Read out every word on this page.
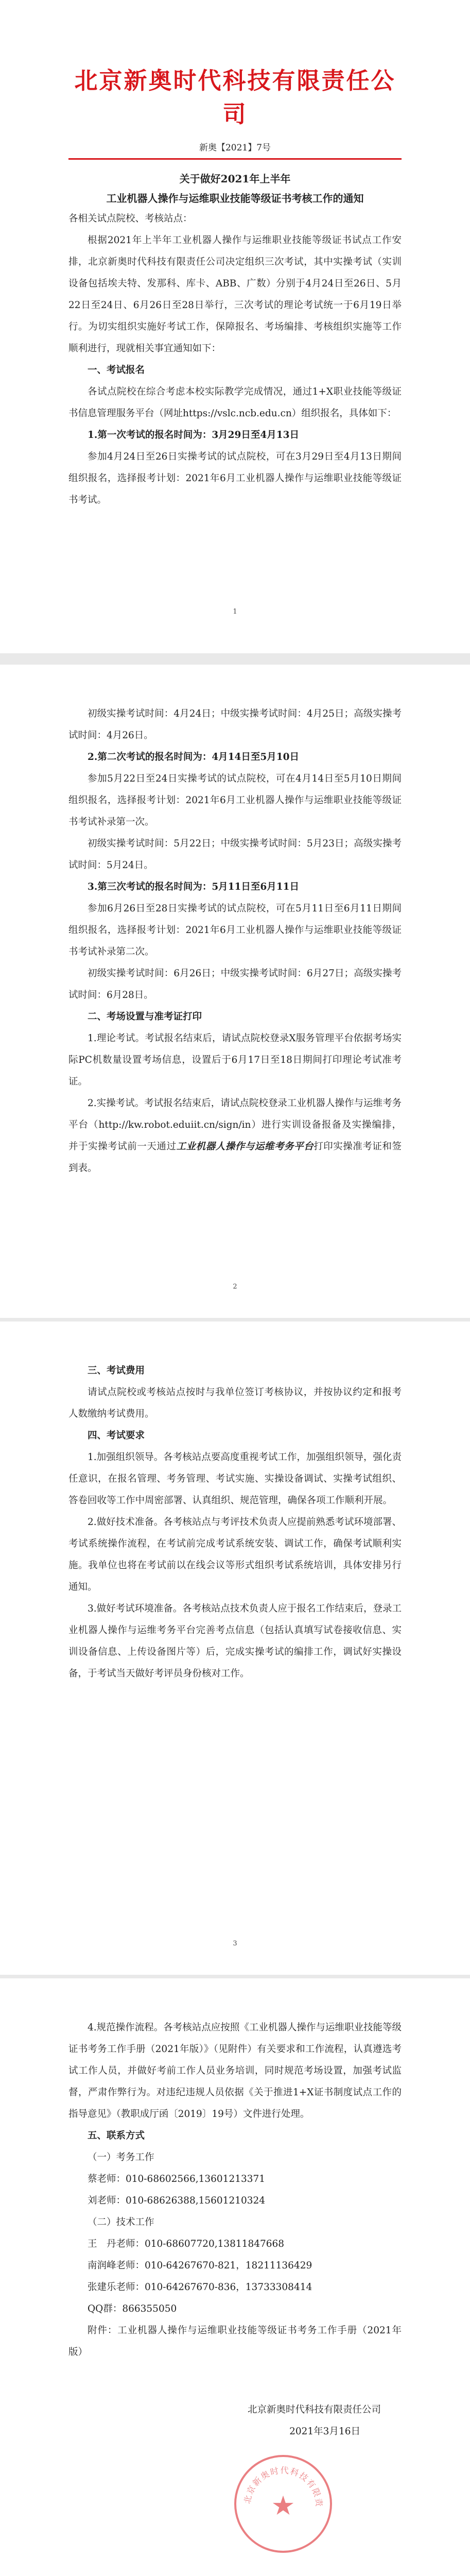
北京新奥时代科技有限责任公司
新奥【2021】7号
关于做好2021年上半年
工业机器人操作与运维职业技能等级证书考核工作的通知

各相关试点院校、考核站点：

根据2021年上半年工业机器人操作与运维职业技能等级证书试点工作安排，北京新奥时代科技有限责任公司决定组织三次考试，其中实操考试（实训设备包括埃夫特、发那科、库卡、ABB、广数）分别于4月24日至26日、5月22日至24日、6月26日至28日举行，三次考试的理论考试统一于6月19日举行。为切实组织实施好考试工作，保障报名、考场编排、考核组织实施等工作顺利进行，现就相关事宜通知如下：

一、考试报名

各试点院校在综合考虑本校实际教学完成情况，通过1+X职业技能等级证书信息管理服务平台（网址https://vslc.ncb.edu.cn）组织报名，具体如下：

1.第一次考试的报名时间为：3月29日至4月13日

参加4月24日至26日实操考试的试点院校，可在3月29日至4月13日期间组织报名，选择报考计划：2021年6月工业机器人操作与运维职业技能等级证书考试。

1

初级实操考试时间：4月24日；中级实操考试时间：4月25日；高级实操考试时间：4月26日。

2.第二次考试的报名时间为：4月14日至5月10日

参加5月22日至24日实操考试的试点院校，可在4月14日至5月10日期间组织报名，选择报考计划：2021年6月工业机器人操作与运维职业技能等级证书考试补录第一次。

初级实操考试时间：5月22日；中级实操考试时间：5月23日；高级实操考试时间：5月24日。

3.第三次考试的报名时间为：5月11日至6月11日

参加6月26日至28日实操考试的试点院校，可在5月11日至6月11日期间组织报名，选择报考计划：2021年6月工业机器人操作与运维职业技能等级证书考试补录第二次。

初级实操考试时间：6月26日；中级实操考试时间：6月27日；高级实操考试时间：6月28日。

二、考场设置与准考证打印

1.理论考试。考试报名结束后，请试点院校登录X服务管理平台依据考场实际PC机数量设置考场信息，设置后于6月17日至18日期间打印理论考试准考证。

2.实操考试。考试报名结束后，请试点院校登录工业机器人操作与运维考务平台（http://kw.robot.eduiit.cn/sign/in）进行实训设备报备及实操编排，并于实操考试前一天通过工业机器人操作与运维考务平台打印实操准考证和签到表。

2

三、考试费用

请试点院校或考核站点按时与我单位签订考核协议，并按协议约定和报考人数缴纳考试费用。

四、考试要求

1.加强组织领导。各考核站点要高度重视考试工作，加强组织领导，强化责任意识，在报名管理、考务管理、考试实施、实操设备调试、实操考试组织、答卷回收等工作中周密部署、认真组织、规范管理，确保各项工作顺利开展。

2.做好技术准备。各考核站点与考评技术负责人应提前熟悉考试环境部署、考试系统操作流程，在考试前完成考试系统安装、调试工作，确保考试顺利实施。我单位也将在考试前以在线会议等形式组织考试系统培训，具体安排另行通知。

3.做好考试环境准备。各考核站点技术负责人应于报名工作结束后，登录工业机器人操作与运维考务平台完善考点信息（包括认真填写试卷接收信息、实训设备信息、上传设备图片等）后，完成实操考试的编排工作，调试好实操设备，于考试当天做好考评员身份核对工作。

3

4.规范操作流程。各考核站点应按照《工业机器人操作与运维职业技能等级证书考务工作手册（2021年版）》（见附件）有关要求和工作流程，认真遵选考试工作人员，并做好考前工作人员业务培训，同时规范考场设置，加强考试监督，严肃作弊行为。对违纪违规人员依据《关于推进1+X证书制度试点工作的指导意见》（教职成厅函〔2019〕19号）文件进行处理。

五、联系方式

（一）考务工作

蔡老师：010-68602566,13601213371

刘老师：010-68626388,15601210324

（二）技术工作

王　丹老师：010-68607720,13811847668

南润峰老师：010-64267670-821，18211136429

张建乐老师：010-64267670-836，13733308414

QQ群：866355050

附件：工业机器人操作与运维职业技能等级证书考务工作手册（2021年版）

北京新奥时代科技有限责任公司

2021年3月16日

北京新奥时代科技有限责
